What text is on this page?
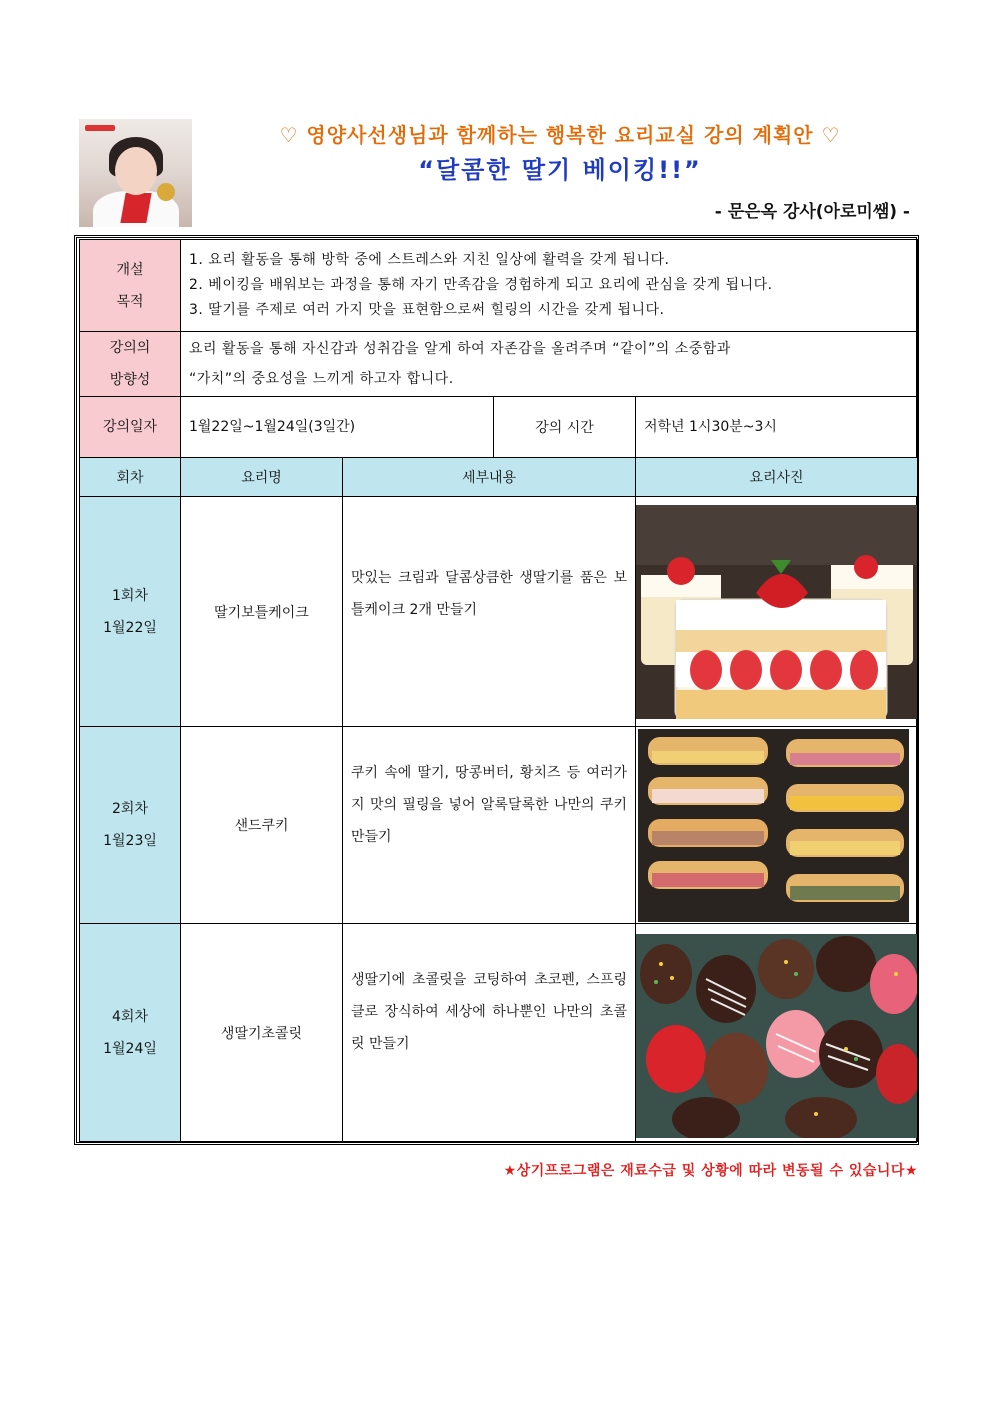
♡ 영양사선생님과 함께하는 행복한 요리교실 강의 계획안 ♡
“달콤한 딸기 베이킹!!”
- 문은옥 강사(아로미쌤) -
개설
목적	1. 요리 활동을 통해 방학 중에 스트레스와 지친 일상에 활력을 갖게 됩니다.
2. 베이킹을 배워보는 과정을 통해 자기 만족감을 경험하게 되고 요리에 관심을 갖게 됩니다.
3. 딸기를 주제로 여러 가지 맛을 표현함으로써 힐링의 시간을 갖게 됩니다.			

강의의
방향성	요리 활동을 통해 자신감과 성취감을 알게 하여 자존감을 올려주며 “같이”의 소중함과
“가치”의 중요성을 느끼게 하고자 합니다.			

강의일자	1월22일~1월24일(3일간)		강의 시간	저학년 1시30분~3시
회차	요리명	세부내용		요리사진

1회차
1월22일	딸기보틀케이크	맛있는 크림과 달콤상큼한 생딸기를 품은 보틀케이크 2개 만들기	

2회차
1월23일	샌드쿠키	쿠키 속에 딸기, 땅콩버터, 황치즈 등 여러가지 맛의 필링을 넣어 알록달록한 나만의 쿠키 만들기	

4회차
1월24일	생딸기초콜릿	생딸기에 초콜릿을 코팅하여 초코펜, 스프링클로 장식하여 세상에 하나뿐인 나만의 초콜릿 만들기	
★상기프로그램은 재료수급 및 상황에 따라 변동될 수 있습니다★
